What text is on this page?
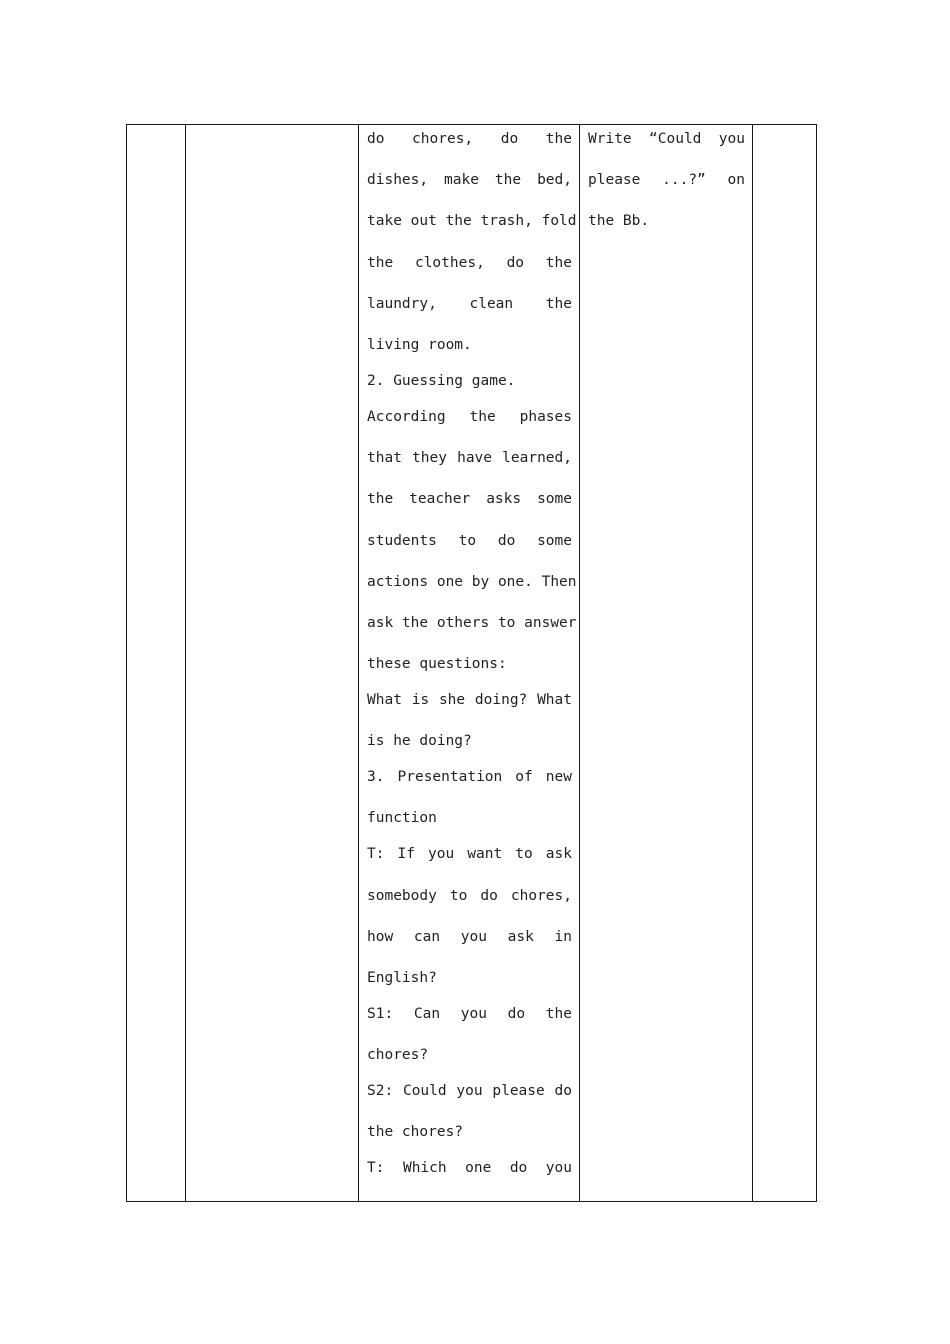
do chores, do the
dishes, make the bed,
take out the trash, fold
the clothes, do the
laundry, clean the
living room.
2. Guessing game.
According the phases
that they have learned,
the teacher asks some
students to do some
actions one by one. Then
ask the others to answer
these questions:
What is she doing? What
is he doing?
3. Presentation of new
function
T: If you want to ask
somebody to do chores,
how can you ask in
English?
S1: Can you do the
chores?
S2: Could you please do
the chores?
T: Which one do you

Write “Could you
please ...?” on
the Bb.
